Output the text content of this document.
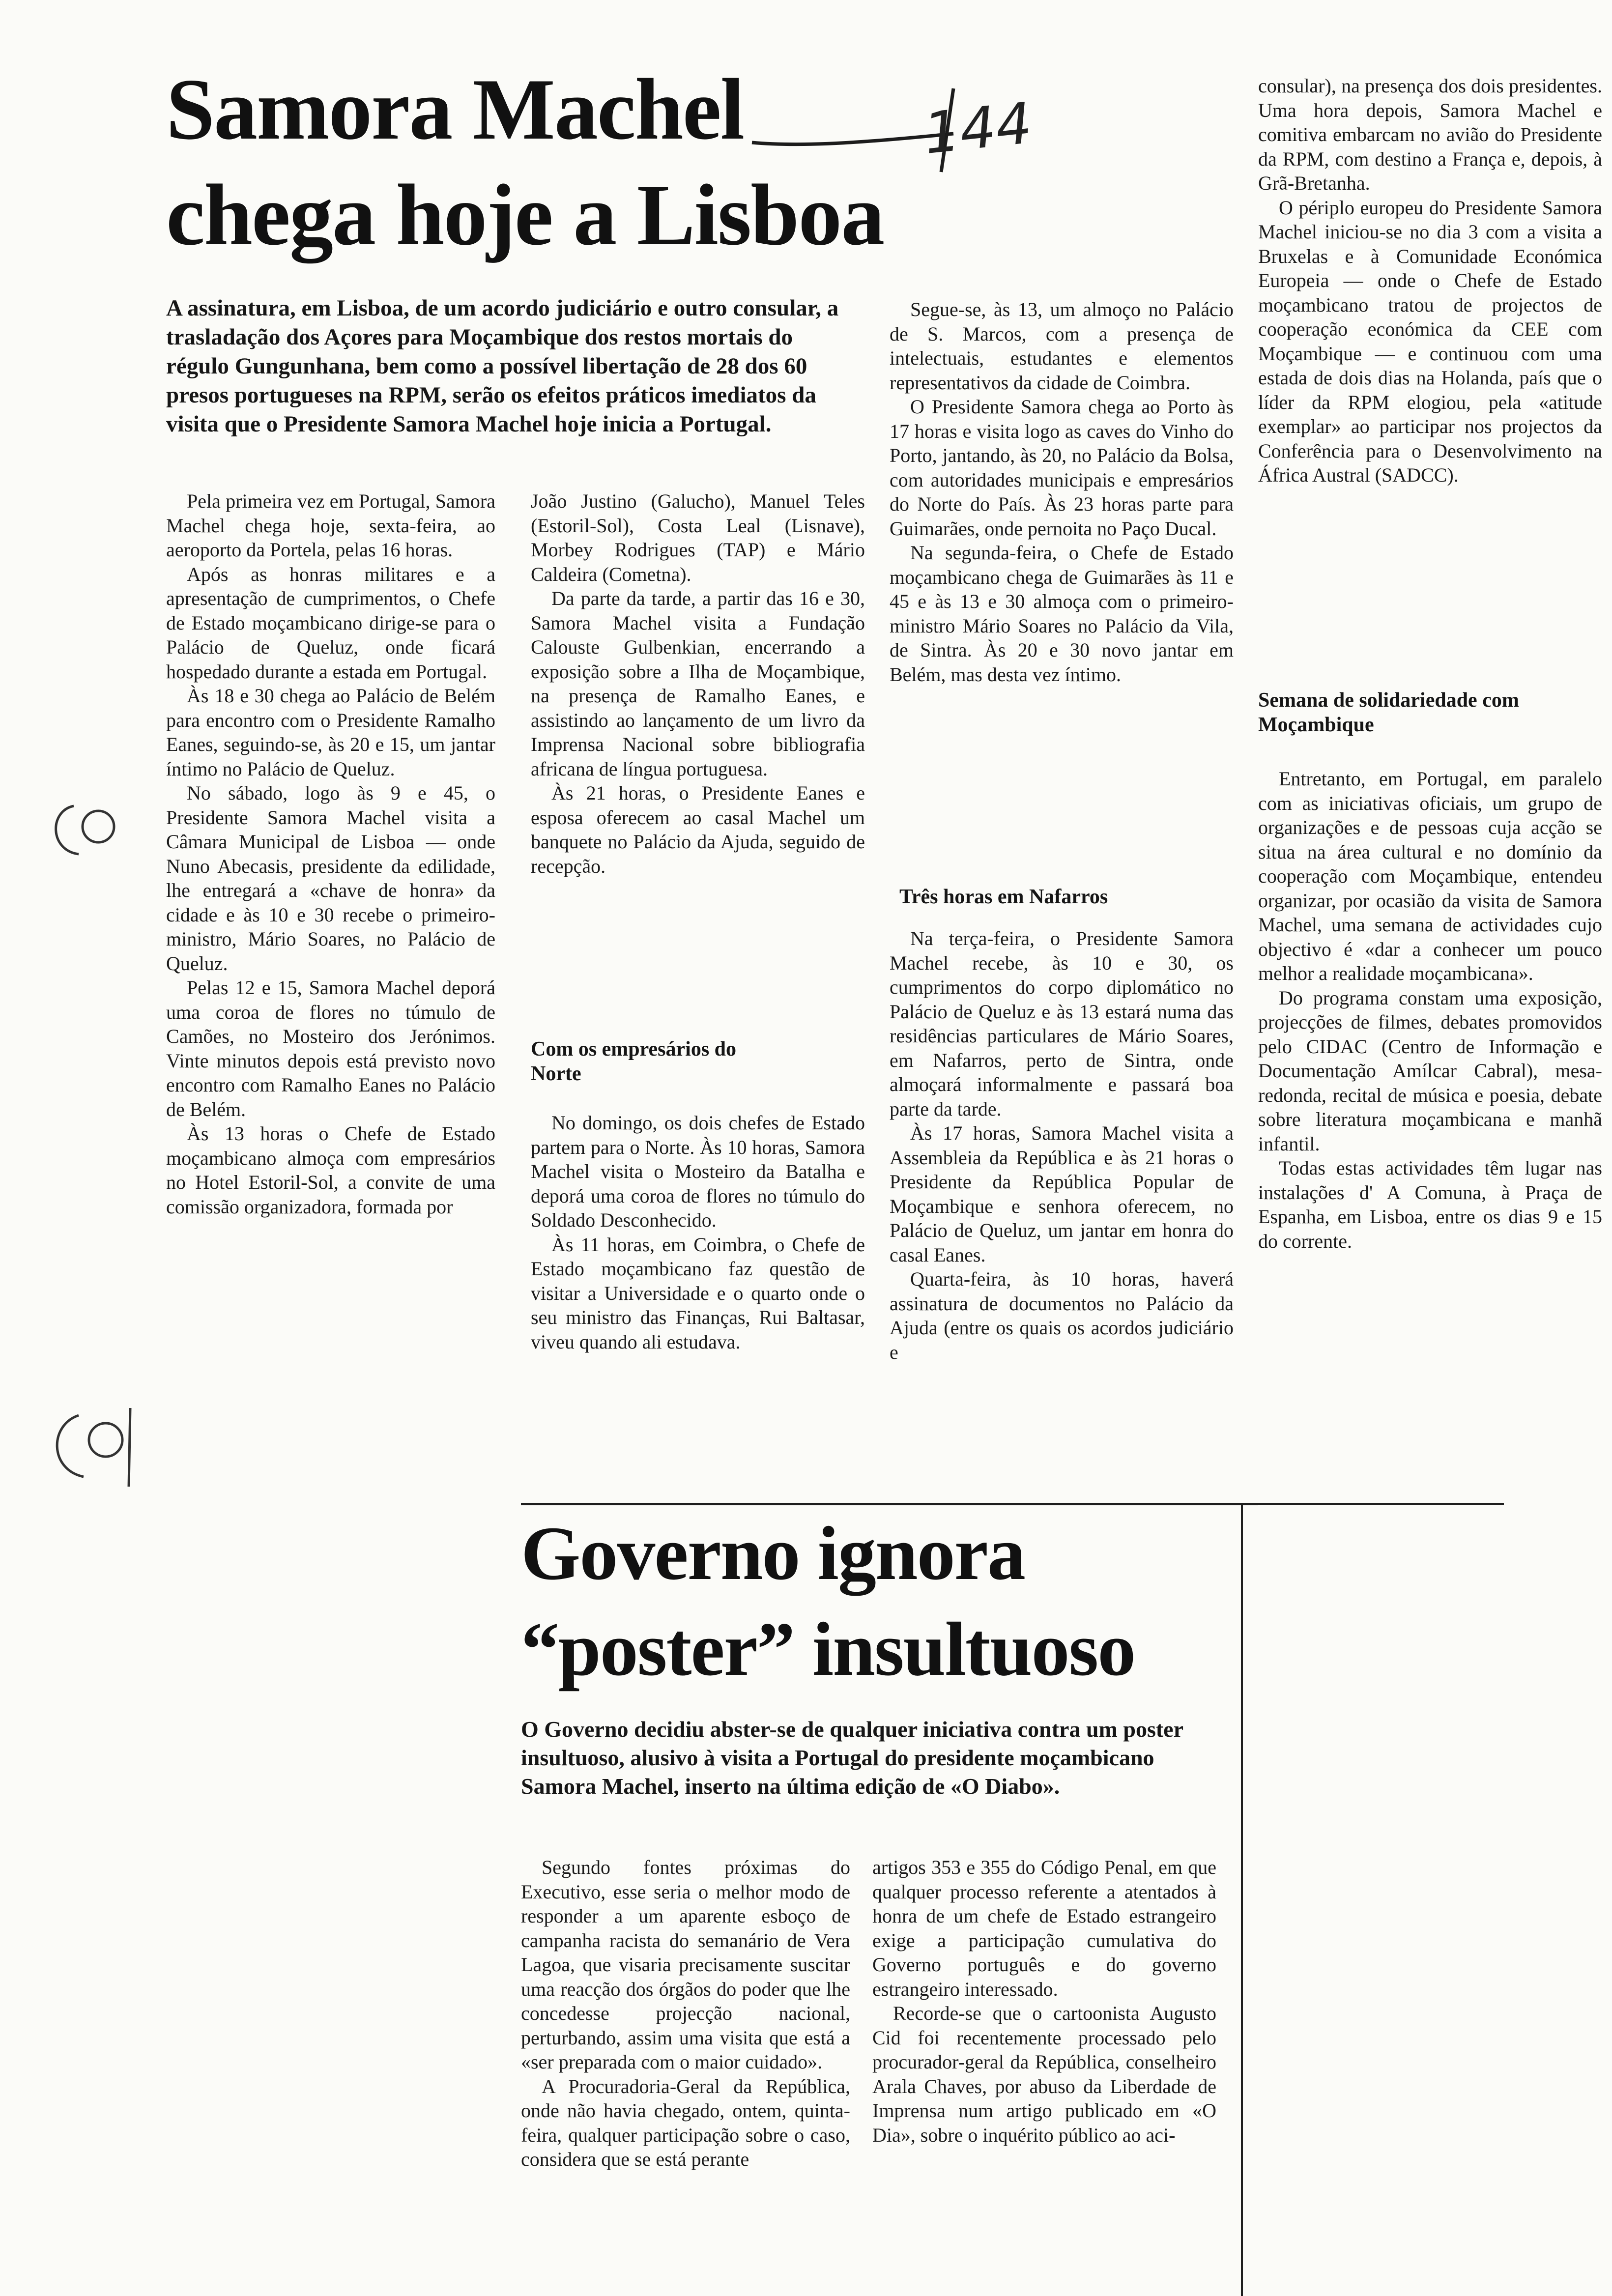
Samora Machel
chega hoje a Lisboa
144
A assinatura, em Lisboa, de um acordo judiciário e outro consular, a trasladação dos Açores para Moçambique dos restos mortais do régulo Gungunhana, bem como a possível libertação de 28 dos 60 presos portugueses na RPM, serão os efeitos práticos imediatos da visita que o Presidente Samora Machel hoje inicia a Portugal.

Pela primeira vez em Portugal, Samora Machel chega hoje, sexta-feira, ao aeroporto da Portela, pelas 16 horas.

Após as honras militares e a apresentação de cumprimentos, o Chefe de Estado moçambicano dirige-se para o Palácio de Queluz, onde ficará hospedado durante a estada em Portugal.

Às 18 e 30 chega ao Palácio de Belém para encontro com o Presidente Ramalho Eanes, seguindo-se, às 20 e 15, um jantar íntimo no Palácio de Queluz.

No sábado, logo às 9 e 45, o Presidente Samora Machel visita a Câmara Municipal de Lisboa — onde Nuno Abecasis, presidente da edilidade, lhe entregará a «chave de honra» da cidade e às 10 e 30 recebe o primeiro-ministro, Mário Soares, no Palácio de Queluz.

Pelas 12 e 15, Samora Machel deporá uma coroa de flores no túmulo de Camões, no Mosteiro dos Jerónimos. Vinte minutos depois está previsto novo encontro com Ramalho Eanes no Palácio de Belém.

Às 13 horas o Chefe de Estado moçambicano almoça com empresários no Hotel Estoril-Sol, a convite de uma comissão organizadora, formada por

João Justino (Galucho), Manuel Teles (Estoril-Sol), Costa Leal (Lisnave), Morbey Rodrigues (TAP) e Mário Caldeira (Cometna).

Da parte da tarde, a partir das 16 e 30, Samora Machel visita a Fundação Calouste Gulbenkian, encerrando a exposição sobre a Ilha de Moçambique, na presença de Ramalho Eanes, e assistindo ao lançamento de um livro da Imprensa Nacional sobre bibliografia africana de língua portuguesa.

Às 21 horas, o Presidente Eanes e esposa oferecem ao casal Machel um banquete no Palácio da Ajuda, seguido de recepção.

Com os empresários do Norte

No domingo, os dois chefes de Estado partem para o Norte. Às 10 horas, Samora Machel visita o Mosteiro da Batalha e deporá uma coroa de flores no túmulo do Soldado Desconhecido.

Às 11 horas, em Coimbra, o Chefe de Estado moçambicano faz questão de visitar a Universidade e o quarto onde o seu ministro das Finanças, Rui Baltasar, viveu quando ali estudava.

Segue-se, às 13, um almoço no Palácio de S. Marcos, com a presença de intelectuais, estudantes e elementos representativos da cidade de Coimbra.

O Presidente Samora chega ao Porto às 17 horas e visita logo as caves do Vinho do Porto, jantando, às 20, no Palácio da Bolsa, com autoridades municipais e empresários do Norte do País. Às 23 horas parte para Guimarães, onde pernoita no Paço Ducal.

Na segunda-feira, o Chefe de Estado moçambicano chega de Guimarães às 11 e 45 e às 13 e 30 almoça com o primeiro-ministro Mário Soares no Palácio da Vila, de Sintra. Às 20 e 30 novo jantar em Belém, mas desta vez íntimo.

Três horas em Nafarros

Na terça-feira, o Presidente Samora Machel recebe, às 10 e 30, os cumprimentos do corpo diplomático no Palácio de Queluz e às 13 estará numa das residências particulares de Mário Soares, em Nafarros, perto de Sintra, onde almoçará informalmente e passará boa parte da tarde.

Às 17 horas, Samora Machel visita a Assembleia da República e às 21 horas o Presidente da República Popular de Moçambique e senhora oferecem, no Palácio de Queluz, um jantar em honra do casal Eanes.

Quarta-feira, às 10 horas, haverá assinatura de documentos no Palácio da Ajuda (entre os quais os acordos judiciário e

consular), na presença dos dois presidentes. Uma hora depois, Samora Machel e comitiva embarcam no avião do Presidente da RPM, com destino a França e, depois, à Grã-Bretanha.

O périplo europeu do Presidente Samora Machel iniciou-se no dia 3 com a visita a Bruxelas e à Comunidade Económica Europeia — onde o Chefe de Estado moçambicano tratou de projectos de cooperação económica da CEE com Moçambique — e continuou com uma estada de dois dias na Holanda, país que o líder da RPM elogiou, pela «atitude exemplar» ao participar nos projectos da Conferência para o Desenvolvimento na África Austral (SADCC).

Semana de solidariedade com Moçambique

Entretanto, em Portugal, em paralelo com as iniciativas oficiais, um grupo de organizações e de pessoas cuja acção se situa na área cultural e no domínio da cooperação com Moçambique, entendeu organizar, por ocasião da visita de Samora Machel, uma semana de actividades cujo objectivo é «dar a conhecer um pouco melhor a realidade moçambicana».

Do programa constam uma exposição, projecções de filmes, debates promovidos pelo CIDAC (Centro de Informação e Documentação Amílcar Cabral), mesa-redonda, recital de música e poesia, debate sobre literatura moçambicana e manhã infantil.

Todas estas actividades têm lugar nas instalações d' A Comuna, à Praça de Espanha, em Lisboa, entre os dias 9 e 15 do corrente.

Governo ignora
“poster” insultuoso
O Governo decidiu abster-se de qualquer iniciativa contra um poster insultuoso, alusivo à visita a Portugal do presidente moçambicano Samora Machel, inserto na última edição de «O Diabo».

Segundo fontes próximas do Executivo, esse seria o melhor modo de responder a um aparente esboço de campanha racista do semanário de Vera Lagoa, que visaria precisamente suscitar uma reacção dos órgãos do poder que lhe concedesse projecção nacional, perturbando, assim uma visita que está a «ser preparada com o maior cuidado».

A Procuradoria-Geral da República, onde não havia chegado, ontem, quinta-feira, qualquer participação sobre o caso, considera que se está perante

artigos 353 e 355 do Código Penal, em que qualquer processo referente a atentados à honra de um chefe de Estado estrangeiro exige a participação cumulativa do Governo português e do governo estrangeiro interessado.

Recorde-se que o cartoonista Augusto Cid foi recentemente processado pelo procurador-geral da República, conselheiro Arala Chaves, por abuso da Liberdade de Imprensa num artigo publicado em «O Dia», sobre o inquérito público ao aci-
